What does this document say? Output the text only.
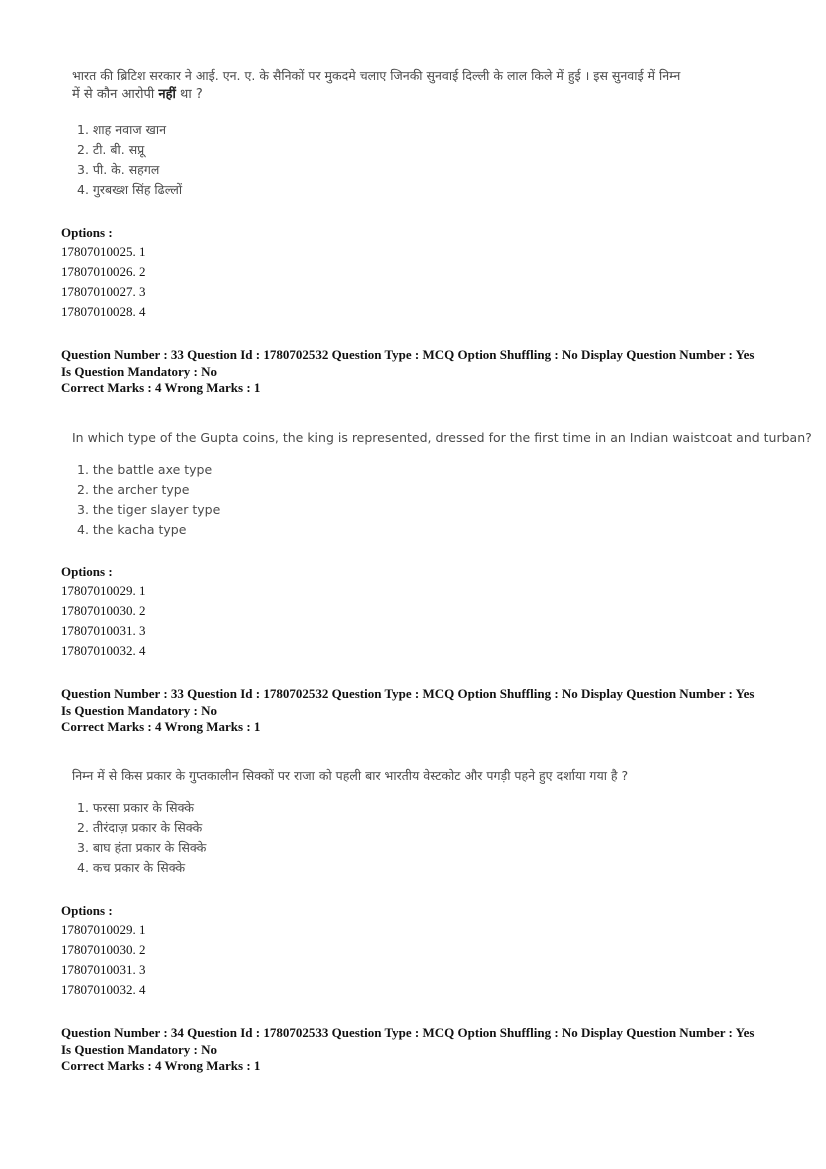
भारत की ब्रिटिश सरकार ने आई. एन. ए. के सैनिकों पर मुकदमे चलाए जिनकी सुनवाई दिल्ली के लाल किले में हुई । इस सुनवाई में निम्न
में से कौन आरोपी नहीं था ?
1. शाह नवाज खान
2. टी. बी. सप्रू
3. पी. के. सहगल
4. गुरबख्श सिंह ढिल्लों
Options :
17807010025. 1
17807010026. 2
17807010027. 3
17807010028. 4
Question Number : 33 Question Id : 1780702532 Question Type : MCQ Option Shuffling : No Display Question Number : Yes
Is Question Mandatory : No
Correct Marks : 4 Wrong Marks : 1
In which type of the Gupta coins, the king is represented, dressed for the first time in an Indian waistcoat and turban?
1. the battle axe type
2. the archer type
3. the tiger slayer type
4. the kacha type
Options :
17807010029. 1
17807010030. 2
17807010031. 3
17807010032. 4
Question Number : 33 Question Id : 1780702532 Question Type : MCQ Option Shuffling : No Display Question Number : Yes
Is Question Mandatory : No
Correct Marks : 4 Wrong Marks : 1
निम्न में से किस प्रकार के गुप्तकालीन सिक्कों पर राजा को पहली बार भारतीय वेस्टकोट और पगड़ी पहने हुए दर्शाया गया है ?
1. फरसा प्रकार के सिक्के
2. तीरंदाज़ प्रकार के सिक्के
3. बाघ हंता प्रकार के सिक्के
4. कच प्रकार के सिक्के
Options :
17807010029. 1
17807010030. 2
17807010031. 3
17807010032. 4
Question Number : 34 Question Id : 1780702533 Question Type : MCQ Option Shuffling : No Display Question Number : Yes
Is Question Mandatory : No
Correct Marks : 4 Wrong Marks : 1
